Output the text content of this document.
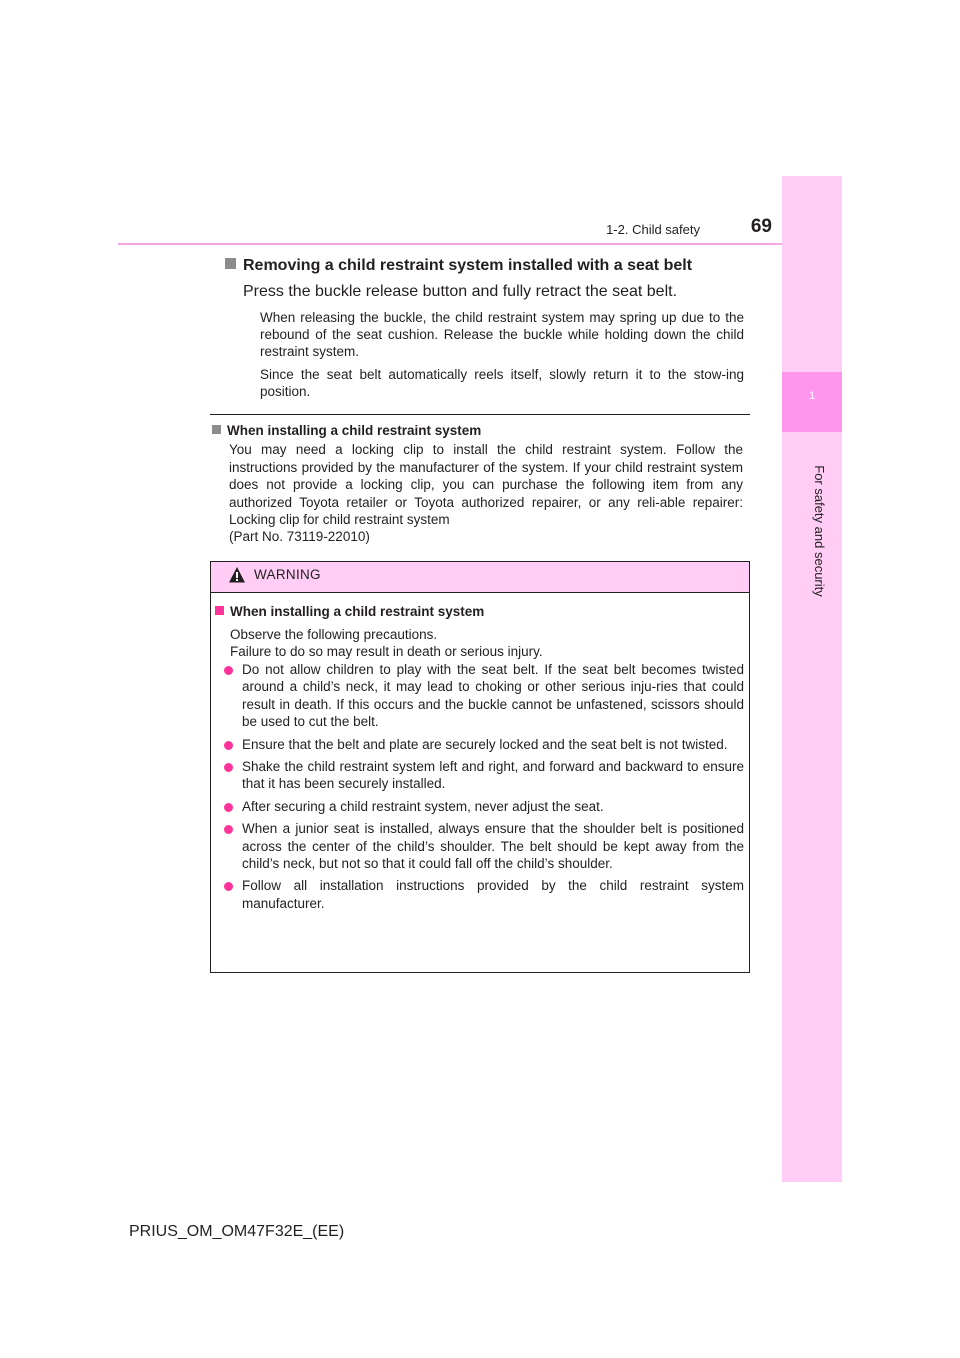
1-2. Child safety	69
1
For safety and security
Removing a child restraint system installed with a seat belt
Press the buckle release button and fully retract the seat belt.
When releasing the buckle, the child restraint system may spring up due to the rebound of the seat cushion. Release the buckle while holding down the child restraint system.
Since the seat belt automatically reels itself, slowly return it to the stow-ing position.
When installing a child restraint system
You may need a locking clip to install the child restraint system. Follow the instructions provided by the manufacturer of the system. If your child restraint system does not provide a locking clip, you can purchase the following item from any authorized Toyota retailer or Toyota authorized repairer, or any reli-able repairer: Locking clip for child restraint system
(Part No. 73119-22010)
WARNING
When installing a child restraint system
Observe the following precautions.
Failure to do so may result in death or serious injury.
Do not allow children to play with the seat belt. If the seat belt becomes twisted around a child’s neck, it may lead to choking or other serious inju-ries that could result in death. If this occurs and the buckle cannot be unfastened, scissors should be used to cut the belt.
Ensure that the belt and plate are securely locked and the seat belt is not twisted.
Shake the child restraint system left and right, and forward and backward to ensure that it has been securely installed.
After securing a child restraint system, never adjust the seat.
When a junior seat is installed, always ensure that the shoulder belt is positioned across the center of the child’s shoulder. The belt should be kept away from the child’s neck, but not so that it could fall off the child’s shoulder.
Follow all installation instructions provided by the child restraint system manufacturer.
PRIUS_OM_OM47F32E_(EE)
